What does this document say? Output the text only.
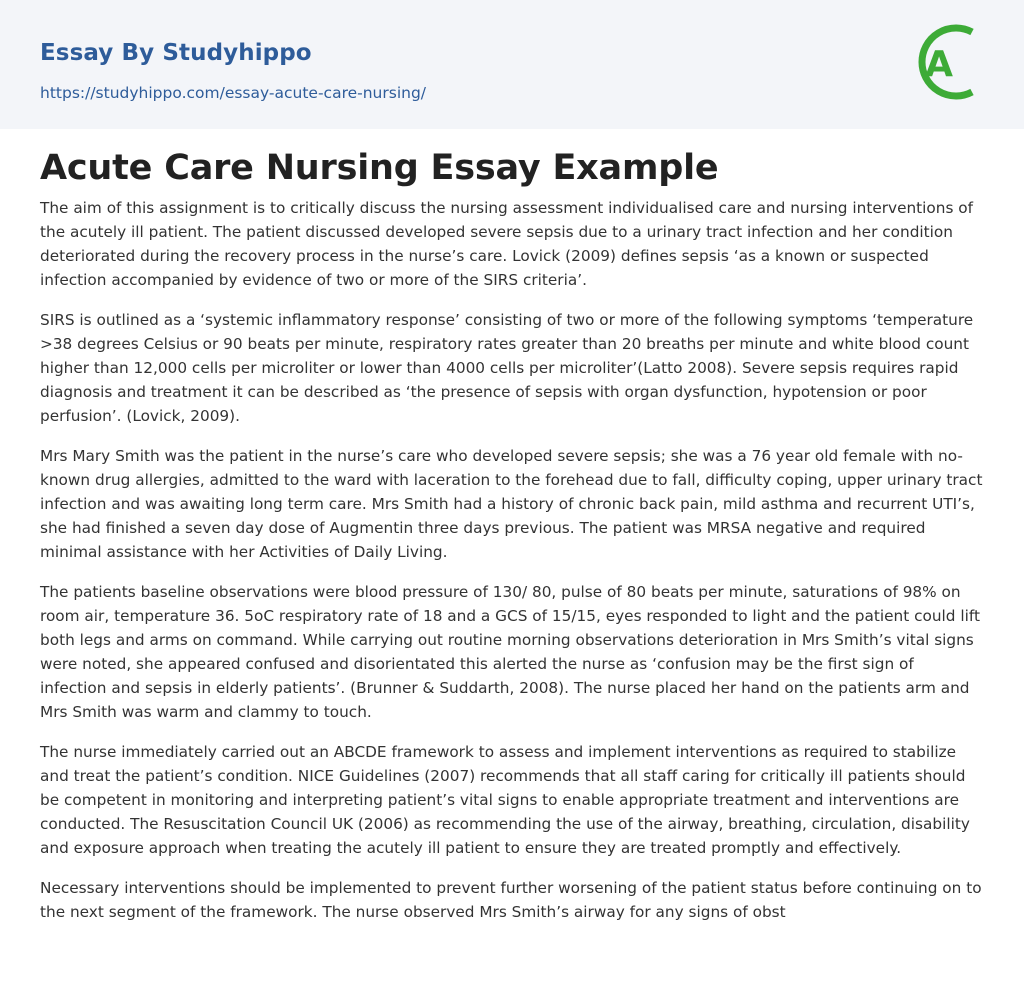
Essay By Studyhippo
https://studyhippo.com/essay-acute-care-nursing/
A
Acute Care Nursing Essay Example

The aim of this assignment is to critically discuss the nursing assessment individualised care and nursing interventions of the acutely ill patient. The patient discussed developed severe sepsis due to a urinary tract infection and her condition deteriorated during the recovery process in the nurse’s care. Lovick (2009) defines sepsis ‘as a known or suspected infection accompanied by evidence of two or more of the SIRS criteria’.

SIRS is outlined as a ‘systemic inflammatory response’ consisting of two or more of the following symptoms ‘temperature >38 degrees Celsius or 90 beats per minute, respiratory rates greater than 20 breaths per minute and white blood count higher than 12,000 cells per microliter or lower than 4000 cells per microliter’(Latto 2008). Severe sepsis requires rapid diagnosis and treatment it can be described as ‘the presence of sepsis with organ dysfunction, hypotension or poor perfusion’. (Lovick, 2009).

Mrs Mary Smith was the patient in the nurse’s care who developed severe sepsis; she was a 76 year old female with no-known drug allergies, admitted to the ward with laceration to the forehead due to fall, difficulty coping, upper urinary tract infection and was awaiting long term care. Mrs Smith had a history of chronic back pain, mild asthma and recurrent UTI’s, she had finished a seven day dose of Augmentin three days previous. The patient was MRSA negative and required minimal assistance with her Activities of Daily Living.

The patients baseline observations were blood pressure of 130/ 80, pulse of 80 beats per minute, saturations of 98% on room air, temperature 36. 5oC respiratory rate of 18 and a GCS of 15/15, eyes responded to light and the patient could lift both legs and arms on command. While carrying out routine morning observations deterioration in Mrs Smith’s vital signs were noted, she appeared confused and disorientated this alerted the nurse as ‘confusion may be the first sign of infection and sepsis in elderly patients’. (Brunner & Suddarth, 2008). The nurse placed her hand on the patients arm and Mrs Smith was warm and clammy to touch.

The nurse immediately carried out an ABCDE framework to assess and implement interventions as required to stabilize and treat the patient’s condition. NICE Guidelines (2007) recommends that all staff caring for critically ill patients should be competent in monitoring and interpreting patient’s vital signs to enable appropriate treatment and interventions are conducted. The Resuscitation Council UK (2006) as recommending the use of the airway, breathing, circulation, disability and exposure approach when treating the acutely ill patient to ensure they are treated promptly and effectively.

Necessary interventions should be implemented to prevent further worsening of the patient status before continuing on to the next segment of the framework. The nurse observed Mrs Smith’s airway for any signs of obst
